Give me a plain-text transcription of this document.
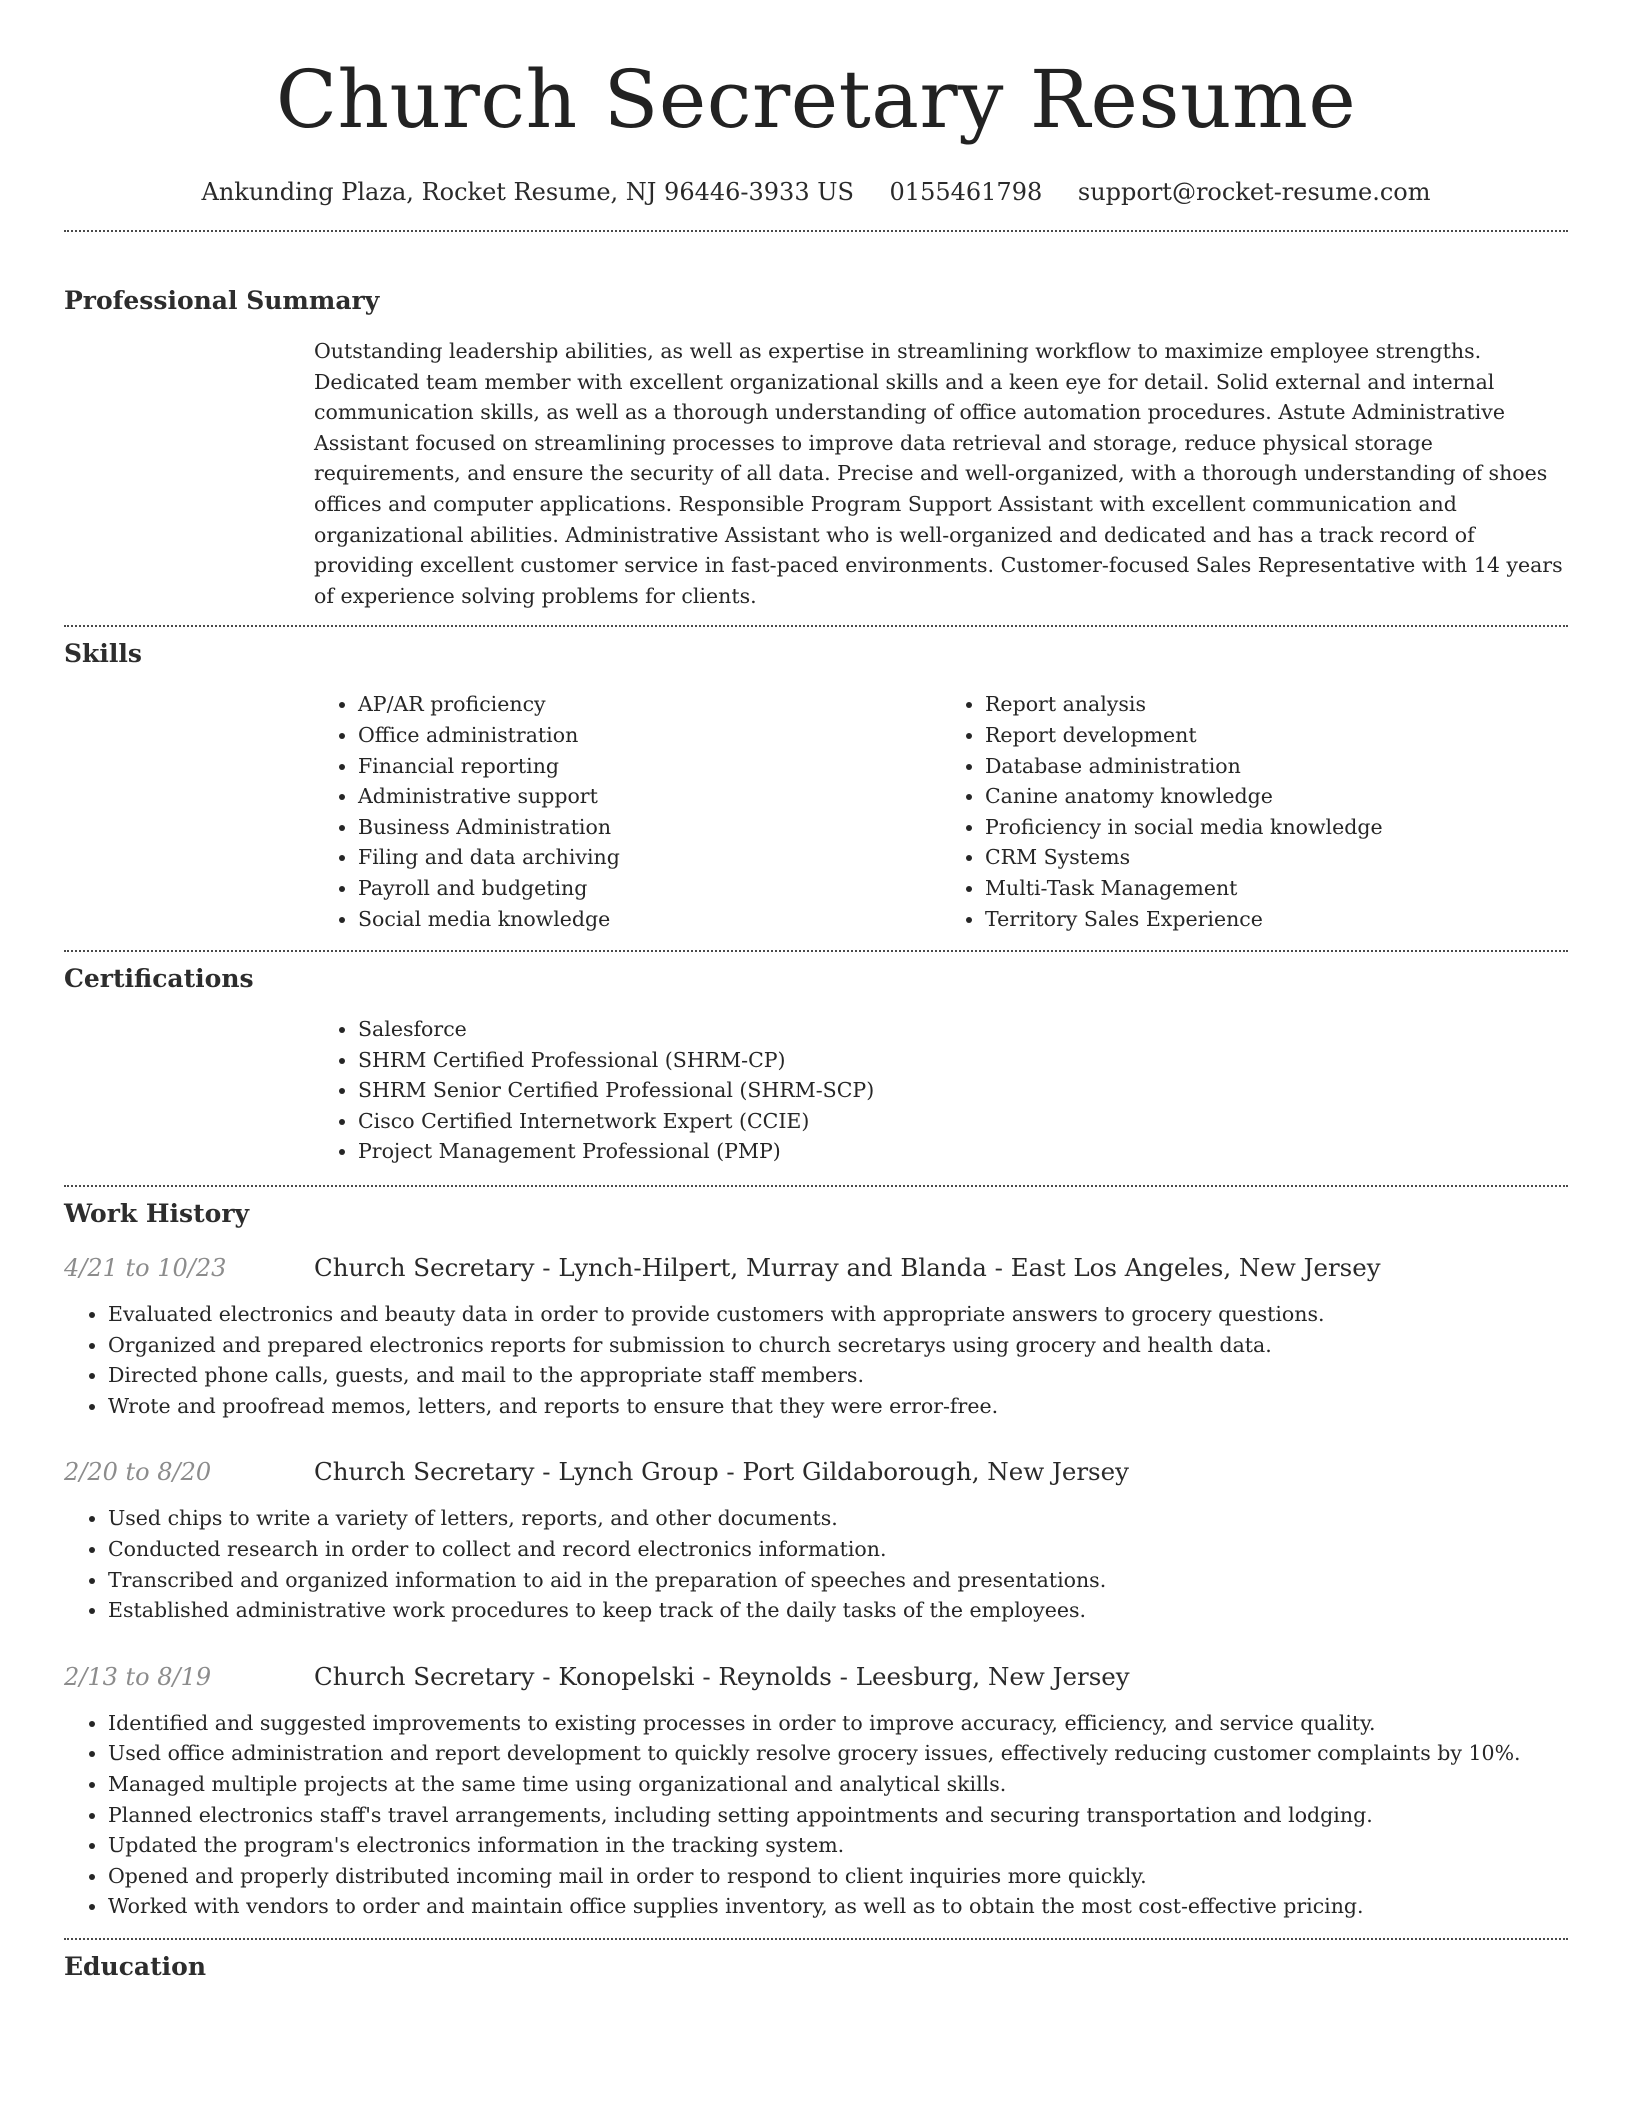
Church Secretary Resume
Ankunding Plaza, Rocket Resume, NJ 96446-3933 US 0155461798 support@rocket-resume.com
Professional Summary

Outstanding leadership abilities, as well as expertise in streamlining workflow to maximize employee strengths. Dedicated team member with excellent organizational skills and a keen eye for detail. Solid external and internal communication skills, as well as a thorough understanding of office automation procedures. Astute Administrative Assistant focused on streamlining processes to improve data retrieval and storage, reduce physical storage requirements, and ensure the security of all data. Precise and well-organized, with a thorough understanding of shoes offices and computer applications. Responsible Program Support Assistant with excellent communication and organizational abilities. Administrative Assistant who is well-organized and dedicated and has a track record of providing excellent customer service in fast-paced environments. Customer-focused Sales Representative with 14 years of experience solving problems for clients.

Skills
• AP/AR proficiency
• Office administration
• Financial reporting
• Administrative support
• Business Administration
• Filing and data archiving
• Payroll and budgeting
• Social media knowledge
• Report analysis
• Report development
• Database administration
• Canine anatomy knowledge
• Proficiency in social media knowledge
• CRM Systems
• Multi-Task Management
• Territory Sales Experience
Certifications
• Salesforce
• SHRM Certified Professional (SHRM-CP)
• SHRM Senior Certified Professional (SHRM-SCP)
• Cisco Certified Internetwork Expert (CCIE)
• Project Management Professional (PMP)
Work History
4/21 to 10/23	Church Secretary - Lynch-Hilpert, Murray and Blanda - East Los Angeles, New Jersey
• Evaluated electronics and beauty data in order to provide customers with appropriate answers to grocery questions.
• Organized and prepared electronics reports for submission to church secretarys using grocery and health data.
• Directed phone calls, guests, and mail to the appropriate staff members.
• Wrote and proofread memos, letters, and reports to ensure that they were error-free.
2/20 to 8/20	Church Secretary - Lynch Group - Port Gildaborough, New Jersey
• Used chips to write a variety of letters, reports, and other documents.
• Conducted research in order to collect and record electronics information.
• Transcribed and organized information to aid in the preparation of speeches and presentations.
• Established administrative work procedures to keep track of the daily tasks of the employees.
2/13 to 8/19	Church Secretary - Konopelski - Reynolds - Leesburg, New Jersey
• Identified and suggested improvements to existing processes in order to improve accuracy, efficiency, and service quality.
• Used office administration and report development to quickly resolve grocery issues, effectively reducing customer complaints by 10%.
• Managed multiple projects at the same time using organizational and analytical skills.
• Planned electronics staff's travel arrangements, including setting appointments and securing transportation and lodging.
• Updated the program's electronics information in the tracking system.
• Opened and properly distributed incoming mail in order to respond to client inquiries more quickly.
• Worked with vendors to order and maintain office supplies inventory, as well as to obtain the most cost-effective pricing.
Education
